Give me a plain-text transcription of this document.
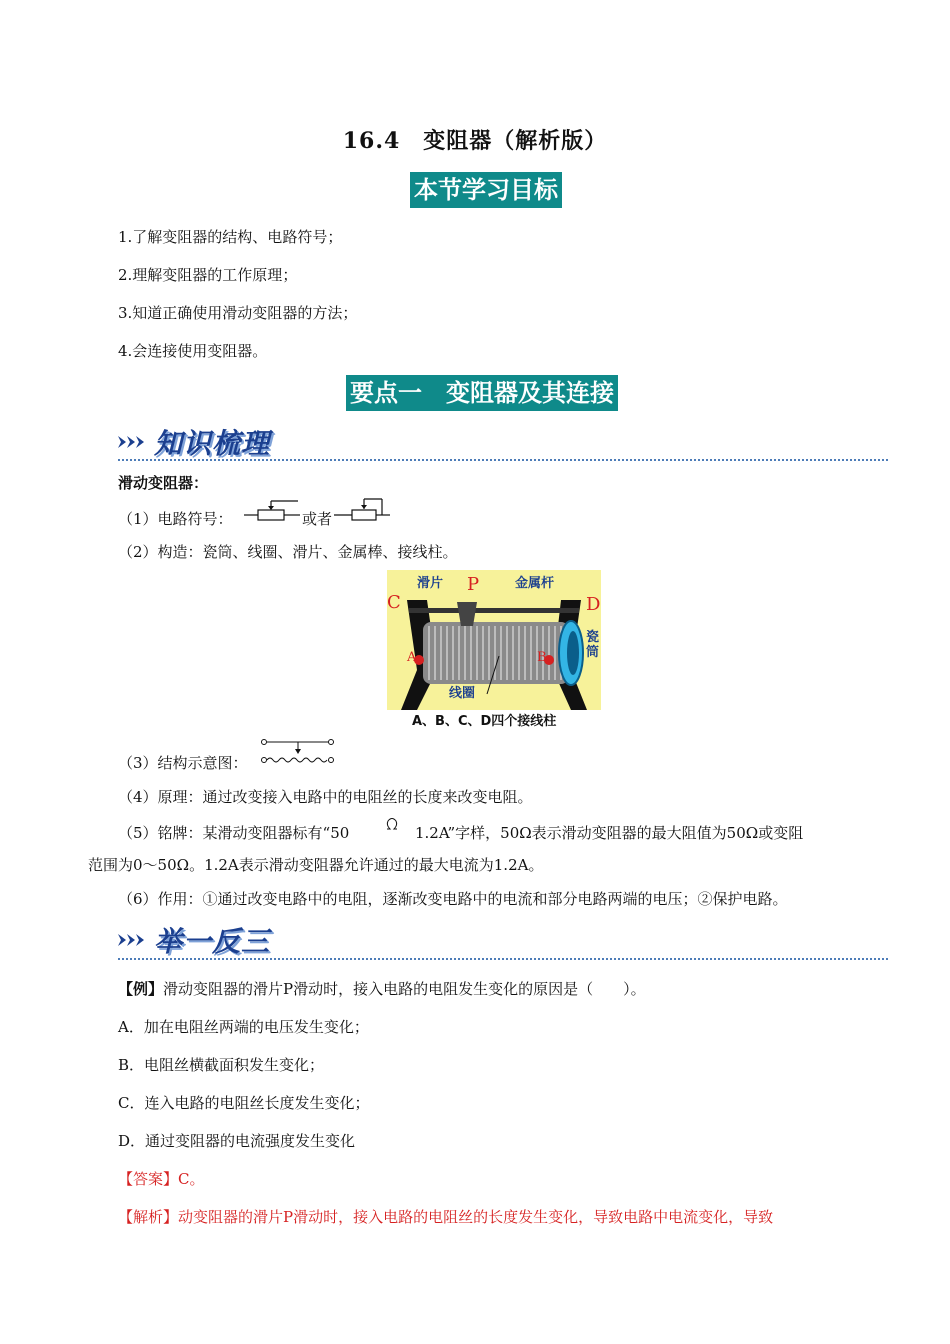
16.4　变阻器（解析版）
本节学习目标
1.了解变阻器的结构、电路符号；
2.理解变阻器的工作原理；
3.知道正确使用滑动变阻器的方法；
4.会连接使用变阻器。
要点一　变阻器及其连接
知识梳理
滑动变阻器：
（1）电路符号：	或者
（2）构造：瓷筒、线圈、滑片、金属棒、接线柱。
滑片 P	金属杆
C	D
A	B
瓷筒
线圈
A、B、C、D四个接线柱
（3）结构示意图：
（4）原理：通过改变接入电路中的电阻丝的长度来改变电阻。
（5）铭牌：某滑动变阻器标有“50	　1.2A”字样，50Ω表示滑动变阻器的最大阻值为50Ω或变阻
范围为0～50Ω。1.2A表示滑动变阻器允许通过的最大电流为1.2A。
（6）作用：①通过改变电路中的电阻，逐渐改变电路中的电流和部分电路两端的电压；②保护电路。
举一反三
【例】滑动变阻器的滑片P滑动时，接入电路的电阻发生变化的原因是（　　）。
A．加在电阻丝两端的电压发生变化；
B．电阻丝横截面积发生变化；
C．连入电路的电阻丝长度发生变化；
D．通过变阻器的电流强度发生变化
【答案】C。
【解析】动变阻器的滑片P滑动时，接入电路的电阻丝的长度发生变化，导致电路中电流变化，导致
